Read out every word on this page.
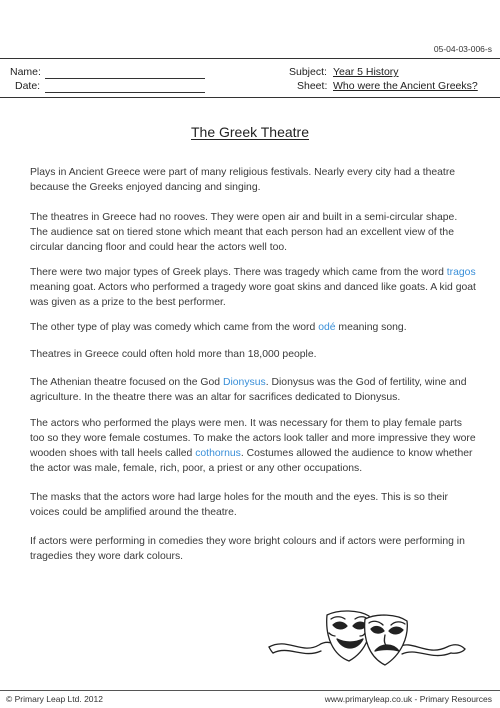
05-04-03-006-s
Name:
Date:
Subject: Year 5 History
Sheet: Who were the Ancient Greeks?
The Greek Theatre
Plays in Ancient Greece were part of many religious festivals. Nearly every city had a theatre because the Greeks enjoyed dancing and singing.
The theatres in Greece had no rooves. They were open air and built in a semi-circular shape. The audience sat on tiered stone which meant that each person had an excellent view of the circular dancing floor and could hear the actors well too.
There were two major types of Greek plays. There was tragedy which came from the word tragos meaning goat. Actors who performed a tragedy wore goat skins and danced like goats. A kid goat was given as a prize to the best performer.
The other type of play was comedy which came from the word odé meaning song.
Theatres in Greece could often hold more than 18,000 people.
The Athenian theatre focused on the God Dionysus. Dionysus was the God of fertility, wine and agriculture. In the theatre there was an altar for sacrifices dedicated to Dionysus.
The actors who performed the plays were men. It was necessary for them to play female parts too so they wore female costumes. To make the actors look taller and more impressive they wore wooden shoes with tall heels called cothornus. Costumes allowed the audience to know whether the actor was male, female, rich, poor, a priest or any other occupations.
The masks that the actors wore had large holes for the mouth and the eyes. This is so their voices could be amplified around the theatre.
If actors were performing in comedies they wore bright colours and if actors were performing in tragedies they wore dark colours.
© Primary Leap Ltd. 2012	www.primaryleap.co.uk - Primary Resources
